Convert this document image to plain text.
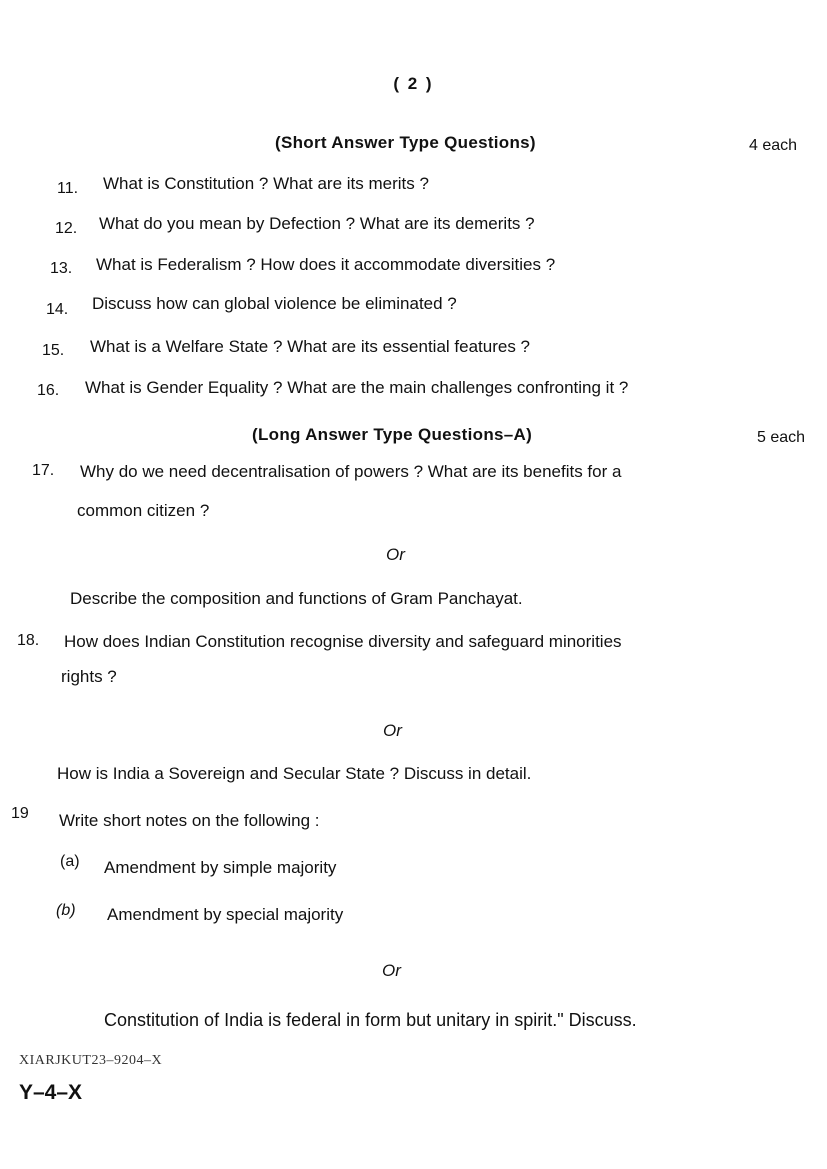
( 2 )
(Short Answer Type Questions)	4 each
11. What is Constitution ? What are its merits ?
12. What do you mean by Defection ? What are its demerits ?
13. What is Federalism ? How does it accommodate diversities ?
14. Discuss how can global violence be eliminated ?
15. What is a Welfare State ? What are its essential features ?
16. What is Gender Equality ? What are the main challenges confronting it ?
(Long Answer Type Questions–A)	5 each
17. Why do we need decentralisation of powers ? What are its benefits for a
common citizen ?
Or
Describe the composition and functions of Gram Panchayat.
18. How does Indian Constitution recognise diversity and safeguard minorities
rights ?
Or
How is India a Sovereign and Secular State ? Discuss in detail.
19 Write short notes on the following :
(a) Amendment by simple majority
(b) Amendment by special majority
Or
Constitution of India is federal in form but unitary in spirit." Discuss.
XIARJKUT23–9204–X
Y–4–X
